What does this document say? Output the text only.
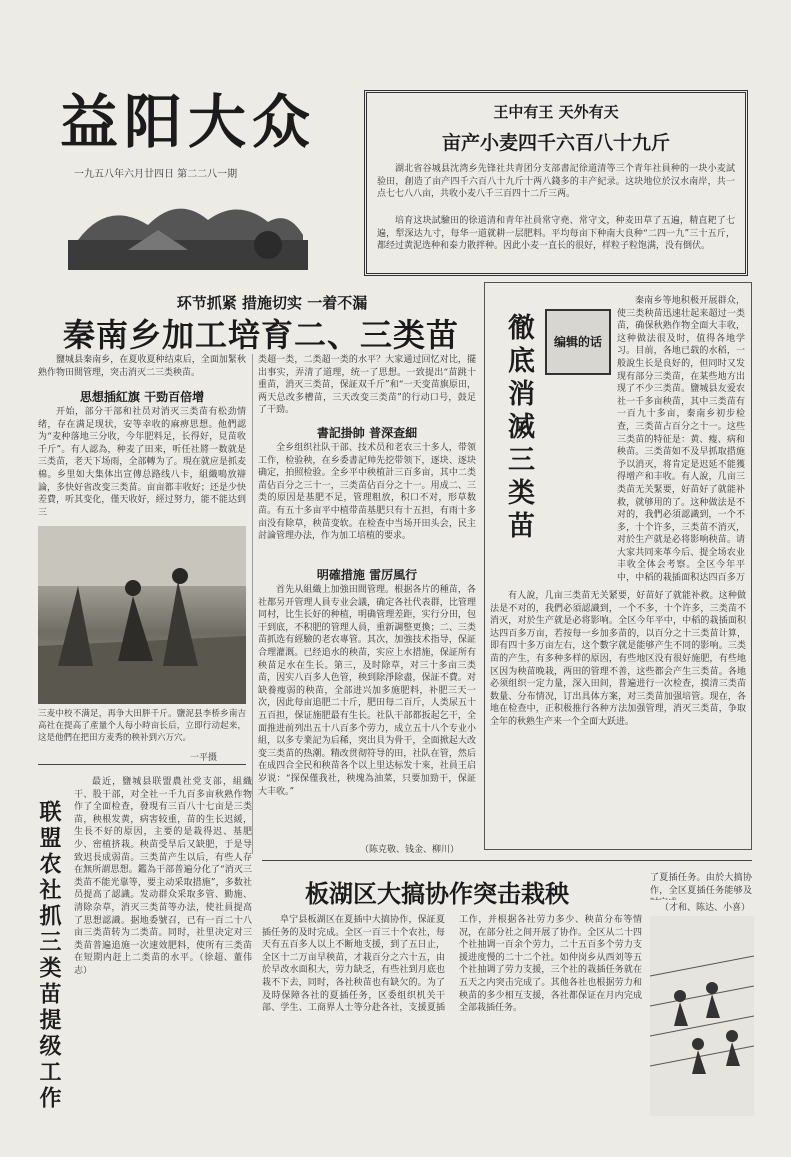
益阳大众
一九五八年六月廿四日 第二二八一期
王中有王 天外有天
亩产小麦四千六百八十九斤
湖北省谷城县沈湾乡先锋社共青团分支部書記徐道清等三个青年社員种的一块小麦試验田，創造了亩产四千六百八十九斤十两八錢多的丰产紀录。这块地位於汉水南岸，共一点七七八八亩，共收小麦八千三百四十二斤三两。
培育这块試驗田的徐道清和青年社員常守堯、常守文，种麦田草了五遍，精直耙了七遍，犁深达九寸，每华一道就耕一层肥料。平均每亩下种南大良种“二四一九”三十五斤，都经过黄泥选种和泰力散拌种。因此小麦一直长的很好，样粒子粒饱满，没有倒伏。
环节抓紧 措施切实 一着不漏
秦南乡加工培育二、三类苗
鹽城县秦南乡，在夏收夏种结束后，全面加緊秋熟作物田間管理，突击消灭二三类秧苗。
思想插紅旗 干勁百倍增
开始，部分干部和社员对消灭三类苗有松劲情绪，存在满足现状，安等幸收的麻痹思想。他們認为“麦种落地三分收，今年肥料足，长得好，見苗收千斤”。有人認為，种麦了田来，听任社將一数就是三类苗，老天下场雨，全部轉为了。現在就应是抓麦棉。乡里如大集体出宣傳总路线八卡，組織鳴放辯論，多快好省改变三类苗。亩亩都丰收好；还是少快差費，听其变化，僅天收好，經过努力，能不能达到三
三麦中校不满足，再争大田胖千斤。鹽泥县李桥乡南吉高社在提高了產量个人每小時亩长后，立即行动起来，这是他們在把田方麦秀的秧补到六万穴。
一平摄
类超一类，二类超一类的水平？大家通过回忆对比，擺出事实，弄清了道理，统一了思想。一致提出“苗跳十重苗，消灭三类苗，保証双千斤”和“一天变苗旗原田，两天总改多槽苗，三天改变三类苗”的行动口号，鼓足了干勁。
書記掛帥 普深查細
全乡组织社队干部、技术员和老农三十多人，带领工作，检验秧，在乡委書記帅先挖带领下，逐块、逐块确定，拍照检验。全乡平中秧植計三百多亩，其中二类苗佔百分之三十一，三类苗佔百分之十一。用成二、三类的原因是基肥不足，管理粗放，积口不对，形草数苗。有五十多亩平中植带苗基肥只有十五担，有雨十多亩没有除草，秧苗变软。在检查中当场开田头会，民主討論管理办法，作为加工培植的要求。
明確措施 雷厉風行
首先从組織上加強田間管理。根据各片的種苗，各社都另开管理人員专业会議，确定各社代表群，比管理同村，比生长好的种植，明确管理差距，实行分田，包干到底，不积肥的管理人員，重新調整更換；二、三类苗抓选有經驗的老农專管。其次，加強技术指导，保証合理灌溉。已经追水的秧苗，实应上水措施，保証所有秧苗足水在生长。第三，及时除草，对三十多亩三类苗，因实八百多人色管，秧到除淨除盡，保証不費。对缺養瘦弱的秧苗，全部进兴加多施肥料，补肥三天一次，因此每亩追肥二十斤，肥田每二百斤，人类尿五十五百担，保证施肥最有生长。社队干部都扳起乞干，全面推进前列出五十八百多个劳力，成立五十八个专业小組，以多专業記为后稀，突出貝为骨干，全面掀起大改变三类苗的热潮。精改贯彻符导的田，社队在管，然后在成四合全民和秧苗各个以上里达标发十來，社員王启岁说：“探保僅我社，秧塊為油菜，只要加勁干，保証大丰收。”
（陈克敬、钱金、柳川）
徹底消滅三类苗	编辑的话
秦南乡等地积极开展群众，使三类秧苗迅速壮起来超过一类苗，确保秋熟作物全面大丰收，这种做法很及时，值得各地学习。目前，各地已载的水稻，一般說生长是良好的，但同时又发现有部分三类苗，在某些地方出现了不少三类苗。鹽城县友爱农社一千多亩秧苗，其中三类苗有一百九十多亩，秦南乡初步检查，三类苗占百分之十一。这些三类苗的特征是：黄、瘦、病和秧苗。三类苗如不及早抓取措施予以消灭，将肯定是迟延不能獲得增产和丰收。有人說，几亩三类苗无关緊要，好苗好了就能补救，就够用的了。这种做法是不对的，我們必須認識到，一个不多，十个许多，三类苗不消灭，对於生产就是必将影响秧苗。请大家共同来革今后、提全场农业丰收全体会考察。全区今年平中，中稻的栽插面积达四百多万
有人說，几亩三类苗无关紧要，好苗好了就能补救。这种做法是不对的，我們必須認識到，一个不多，十个许多，三类苗不消灭，对於生产就是必将影响。全区今年平中，中稻的栽插面积达四百多万亩，若按每一乡加多苗的，以百分之十三类苗计算，即有四十多万亩左右，这个數字就是能够产生不同的影响。三类苗的产生，有多种多样的原因，有些地区没有很好施肥，有些地区因为秧苗晚栽，两田的管理不善，这些都会产生三类苗。各地必须组织一定力量，深入田间，普遍进行一次检查，摸清三类苗数量、分布情况，订出具体方案，对三类苗加强培管。现在，各地在检查中，正积极推行各种方法加强管理，消灭三类苗，争取全年的秋熟生产来一个全面大跃进。
联盟农社抓三类苗提级工作
最近，鹽城县联盟農社党支部，組織干、股干部，对全社一千九百多亩秋熟作物作了全面检查，發現有三百八十七亩是三类苗，秧根发黄，病害较重，苗的生长迟緩，生長不好的原因，主要的是栽得迟、基肥少、密植挤栽。秧苗受旱后又缺肥，于是导致迟長成弱苗。三类苗产生以后，有些人存在無所謂思想。鑑為干部普遍分化了“消灭三类苗不能光靠等，要主动采取措施”，多数社员提高了認識。发动群众采取多管、勤施、清除杂草，消灭三类苗等办法，使社員提高了思想認識。据地委號召，已有一百二十八亩三类苗转为二类苗。同时，社里决定对三类苗普遍追施一次速效肥料，使所有三类苗在短期内赶上二类苗的水平。（徐超、董伟志）
板湖区大搞协作突击栽秧
阜宁县板湖区在夏插中大搞协作，保証夏插任务的及时完成。全区一百三十个农社，每天有五百多人以上不断地支援，到了五日止，全区十二万亩早秧苗，才栽百分之六十五，由於早改水面积大，劳力缺乏，有些社到月底也栽不下去，同时，各社秧苗也有缺欠的。为了及時保障各社的夏插任务，区委组织机关干部、学生、工商界人士等分赴各社，支援夏插工作，并根据各社劳力多少、秧苗分布等情况，在部分社之间开展了协作。全区从二十四个社抽调一百余个劳力，二十五百多个劳力支援进度慢的二十二个社。如仲岗乡从西刘等五个社抽调了劳力支援，三个社的栽插任务就在五天之内突击完成了。其他各社也根据劳力和秧苗的多少相互支援，各社都保证在月内完成全部栽插任务。
了夏插任务。由於大搞协作，全区夏插任务能够及
（才和、陈达、小喜）
